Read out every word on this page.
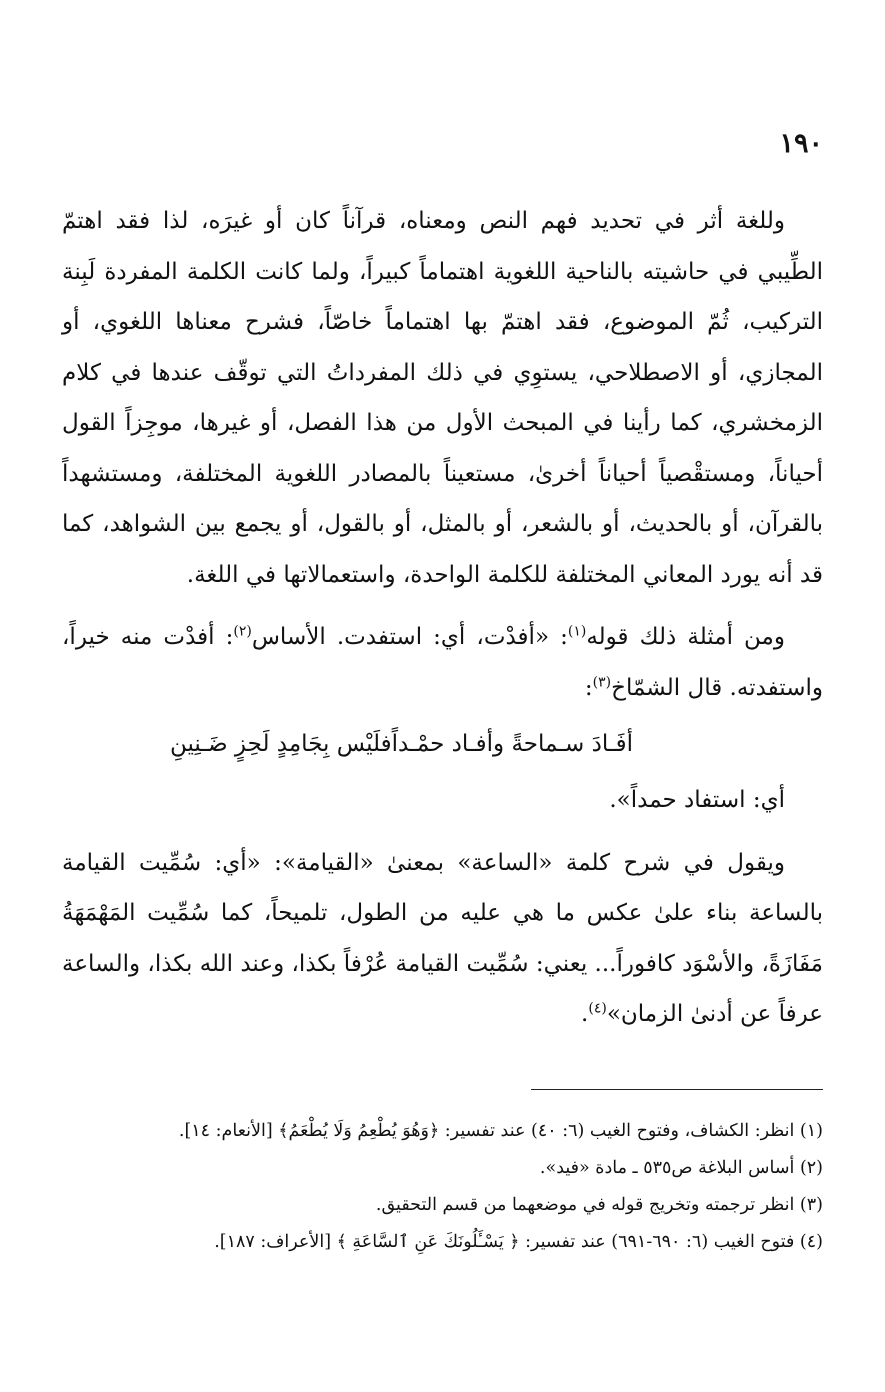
١٩٠

وللغة أثر في تحديد فهم النص ومعناه، قرآناً كان أو غيرَه، لذا فقد اهتمّ الطِّيبي في حاشيته بالناحية اللغوية اهتماماً كبيراً، ولما كانت الكلمة المفردة لَبِنة التركيب، ثُمّ الموضوع، فقد اهتمّ بها اهتماماً خاصّاً، فشرح معناها اللغوي، أو المجازي، أو الاصطلاحي، يستوِي في ذلك المفرداتُ التي توقّف عندها في كلام الزمخشري، كما رأينا في المبحث الأول من هذا الفصل، أو غيرها، موجِزاً القول أحياناً، ومستقْصياً أحياناً أخرىٰ، مستعيناً بالمصادر اللغوية المختلفة، ومستشهداً بالقرآن، أو بالحديث، أو بالشعر، أو بالمثل، أو بالقول، أو يجمع بين الشواهد، كما قد أنه يورد المعاني المختلفة للكلمة الواحدة، واستعمالاتها في اللغة.

ومن أمثلة ذلك قوله$^{(١)}$: «أفدْت، أي: استفدت. الأساس$^{(٢)}$: أفدْت منه خيراً، واستفدته. قال الشمّاخ$^{(٣)}$:

أفَـادَ سـماحةً وأفـاد حمْـداً
فلَيْس بِجَامِدٍ لَحِزٍ ضَـنِينِ

أي: استفاد حمداً».

ويقول في شرح كلمة «الساعة» بمعنىٰ «القيامة»: «أي: سُمِّيت القيامة بالساعة بناء علىٰ عكس ما هي عليه من الطول، تلميحاً، كما سُمِّيت المَهْمَهَةُ مَفَازَةً، والأسْوَد كافوراً... يعني: سُمِّيت القيامة عُرْفاً بكذا، وعند الله بكذا، والساعة عرفاً عن أدنىٰ الزمان»$^{(٤)}$.

(١) انظر: الكشاف، وفتوح الغيب (٦: ٤٠) عند تفسير: ﴿وَهُوَ يُطْعِمُ وَلَا يُطْعَمُ﴾ [الأنعام: ١٤].

(٢) أساس البلاغة ص٥٣٥ ـ مادة «فيد».

(٣) انظر ترجمته وتخريج قوله في موضعهما من قسم التحقيق.

(٤) فتوح الغيب (٦: ٦٩٠-٦٩١) عند تفسير: ﴿ يَسْـَٔلُونَكَ عَنِ ٱلسَّاعَةِ ﴾ [الأعراف: ١٨٧].
